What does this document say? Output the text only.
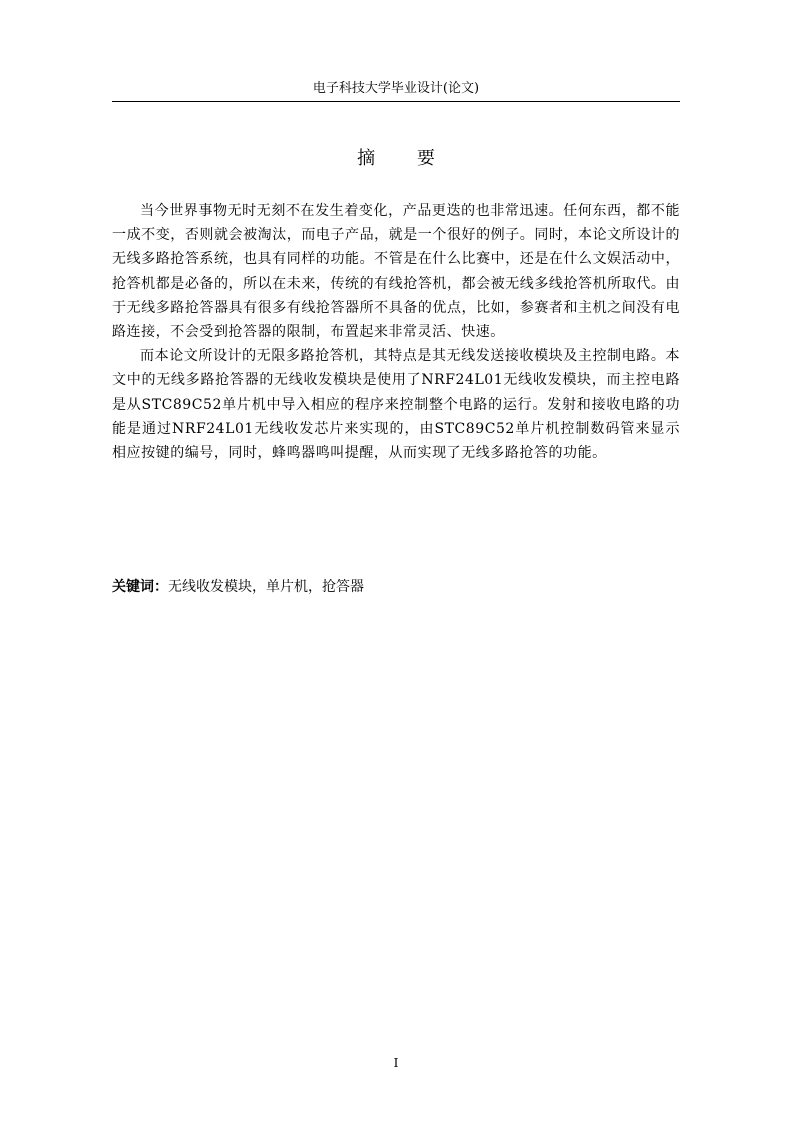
电子科技大学毕业设计(论文)
摘 要

当今世界事物无时无刻不在发生着变化，产品更迭的也非常迅速。任何东西，都不能一成不变，否则就会被淘汰，而电子产品，就是一个很好的例子。同时，本论文所设计的无线多路抢答系统，也具有同样的功能。不管是在什么比赛中，还是在什么文娱活动中，抢答机都是必备的，所以在未来，传统的有线抢答机，都会被无线多线抢答机所取代。由于无线多路抢答器具有很多有线抢答器所不具备的优点，比如，参赛者和主机之间没有电路连接，不会受到抢答器的限制，布置起来非常灵活、快速。

而本论文所设计的无限多路抢答机，其特点是其无线发送接收模块及主控制电路。本文中的无线多路抢答器的无线收发模块是使用了NRF24L01无线收发模块，而主控电路是从STC89C52单片机中导入相应的程序来控制整个电路的运行。发射和接收电路的功能是通过NRF24L01无线收发芯片来实现的，由STC89C52单片机控制数码管来显示相应按键的编号，同时，蜂鸣器鸣叫提醒，从而实现了无线多路抢答的功能。

关键词：无线收发模块，单片机，抢答器
I
